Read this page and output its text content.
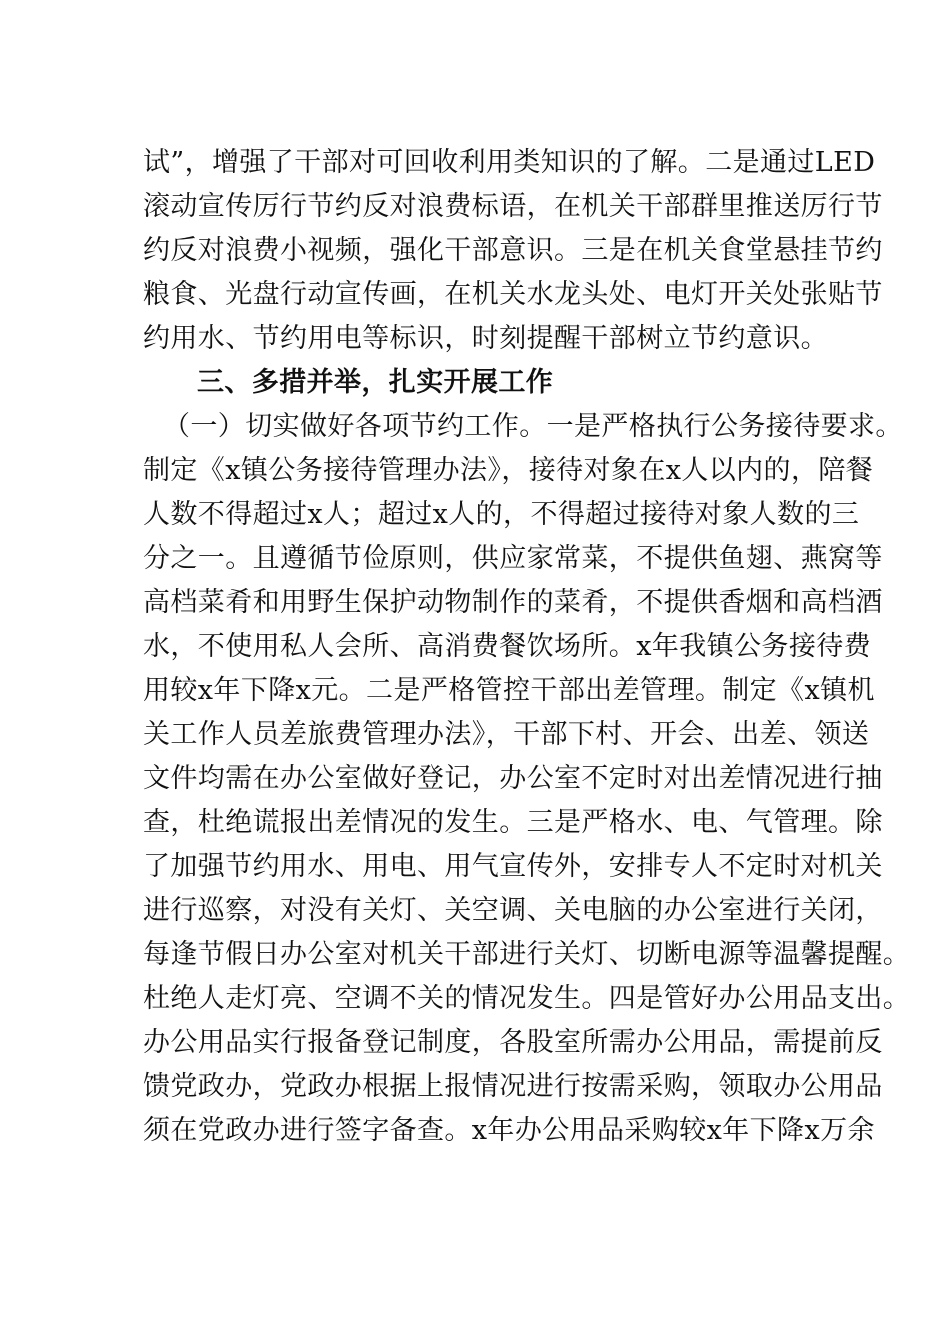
试”，增强了干部对可回收利用类知识的了解。二是通过LED
滚动宣传厉行节约反对浪费标语，在机关干部群里推送厉行节
约反对浪费小视频，强化干部意识。三是在机关食堂悬挂节约
粮食、光盘行动宣传画，在机关水龙头处、电灯开关处张贴节
约用水、节约用电等标识，时刻提醒干部树立节约意识。
三、多措并举，扎实开展工作
（一）切实做好各项节约工作。一是严格执行公务接待要求。
制定《x镇公务接待管理办法》，接待对象在x人以内的，陪餐
人数不得超过x人；超过x人的，不得超过接待对象人数的三
分之一。且遵循节俭原则，供应家常菜，不提供鱼翅、燕窝等
高档菜肴和用野生保护动物制作的菜肴，不提供香烟和高档酒
水，不使用私人会所、高消费餐饮场所。x年我镇公务接待费
用较x年下降x元。二是严格管控干部出差管理。制定《x镇机
关工作人员差旅费管理办法》，干部下村、开会、出差、领送
文件均需在办公室做好登记，办公室不定时对出差情况进行抽
查，杜绝谎报出差情况的发生。三是严格水、电、气管理。除
了加强节约用水、用电、用气宣传外，安排专人不定时对机关
进行巡察，对没有关灯、关空调、关电脑的办公室进行关闭，
每逢节假日办公室对机关干部进行关灯、切断电源等温馨提醒。
杜绝人走灯亮、空调不关的情况发生。四是管好办公用品支出。
办公用品实行报备登记制度，各股室所需办公用品，需提前反
馈党政办，党政办根据上报情况进行按需采购，领取办公用品
须在党政办进行签字备查。x年办公用品采购较x年下降x万余
